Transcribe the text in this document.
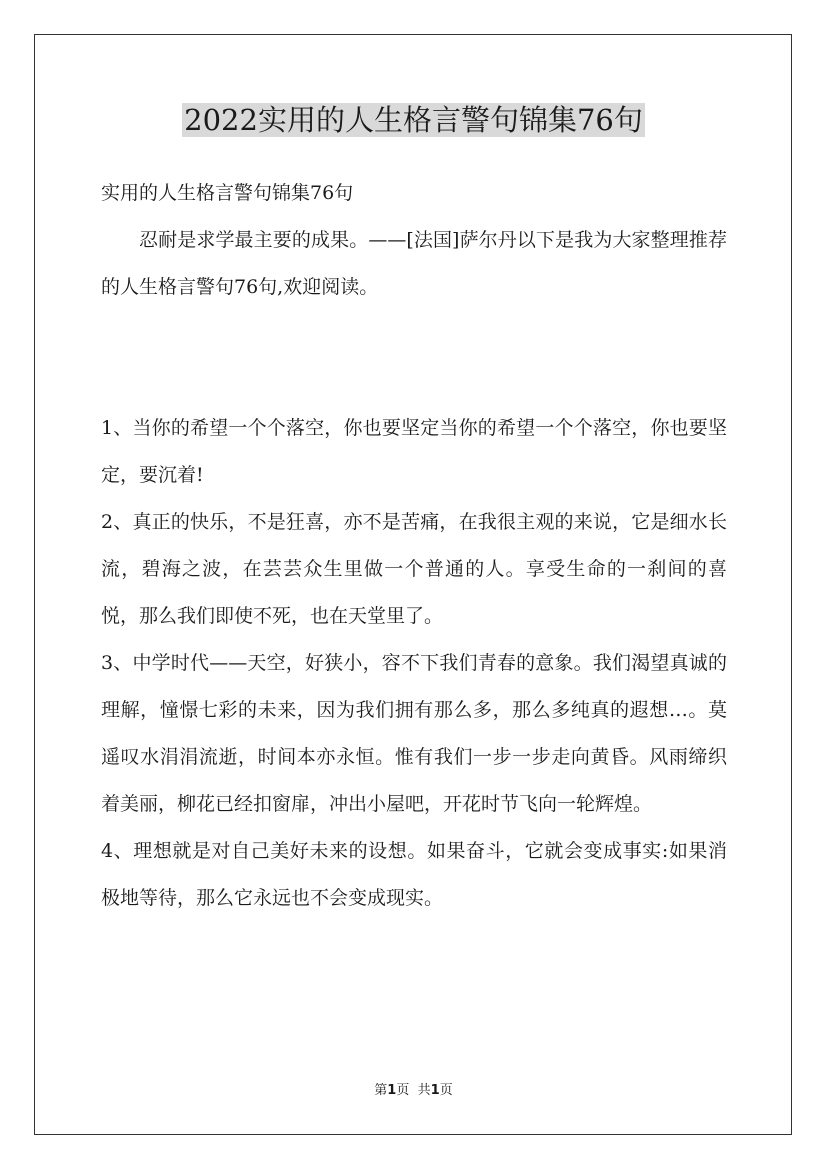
2022实用的人生格言警句锦集76句

实用的人生格言警句锦集76句

忍耐是求学最主要的成果。——[法国]萨尔丹以下是我为大家整理推荐的人生格言警句76句,欢迎阅读。

1、当你的希望一个个落空，你也要坚定当你的希望一个个落空，你也要坚定，要沉着!

2、真正的快乐，不是狂喜，亦不是苦痛，在我很主观的来说，它是细水长流，碧海之波，在芸芸众生里做一个普通的人。享受生命的一刹间的喜悦，那么我们即使不死，也在天堂里了。

3、中学时代——天空，好狭小，容不下我们青春的意象。我们渴望真诚的理解，憧憬七彩的未来，因为我们拥有那么多，那么多纯真的遐想…。莫遥叹水涓涓流逝，时间本亦永恒。惟有我们一步一步走向黄昏。风雨缔织着美丽，柳花已经扣窗扉，冲出小屋吧，开花时节飞向一轮辉煌。

4、理想就是对自己美好未来的设想。如果奋斗，它就会变成事实:如果消极地等待，那么它永远也不会变成现实。

第1页 共1页
